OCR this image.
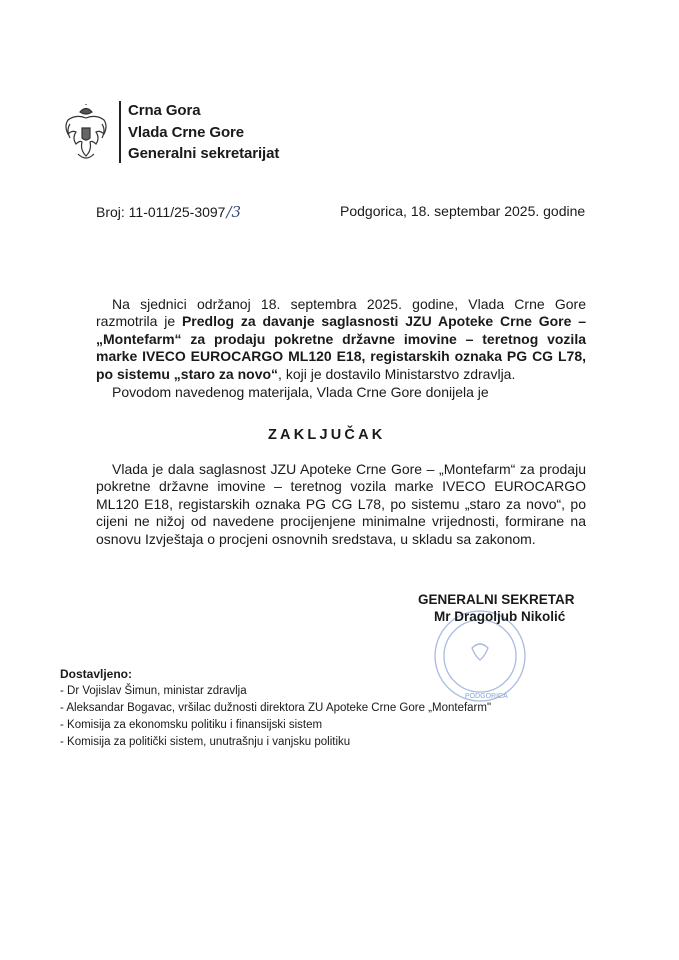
Crna Gora
Vlada Crne Gore
Generalni sekretarijat
Broj: 11-011/25-3097/3	Podgorica, 18. septembar 2025. godine
Na sjednici održanoj 18. septembra 2025. godine, Vlada Crne Gore razmotrila je Predlog za davanje saglasnosti JZU Apoteke Crne Gore – „Montefarm“ za prodaju pokretne državne imovine – teretnog vozila marke IVECO EUROCARGO ML120 E18, registarskih oznaka PG CG L78, po sistemu „staro za novo“, koji je dostavilo Ministarstvo zdravlja.
Povodom navedenog materijala, Vlada Crne Gore donijela je
ZAKLJUČAK
Vlada je dala saglasnost JZU Apoteke Crne Gore – „Montefarm“ za prodaju pokretne državne imovine – teretnog vozila marke IVECO EUROCARGO ML120 E18, registarskih oznaka PG CG L78, po sistemu „staro za novo“, po cijeni ne nižoj od navedene procijenjene minimalne vrijednosti, formirane na osnovu Izvještaja o procjeni osnovnih sredstava, u skladu sa zakonom.
PODGORICA
GENERALNI SEKRETAR
Mr Dragoljub Nikolić
Dostavljeno:
- Dr Vojislav Šimun, ministar zdravlja
- Aleksandar Bogavac, vršilac dužnosti direktora ZU Apoteke Crne Gore „Montefarm"
- Komisija za ekonomsku politiku i finansijski sistem
- Komisija za politički sistem, unutrašnju i vanjsku politiku
